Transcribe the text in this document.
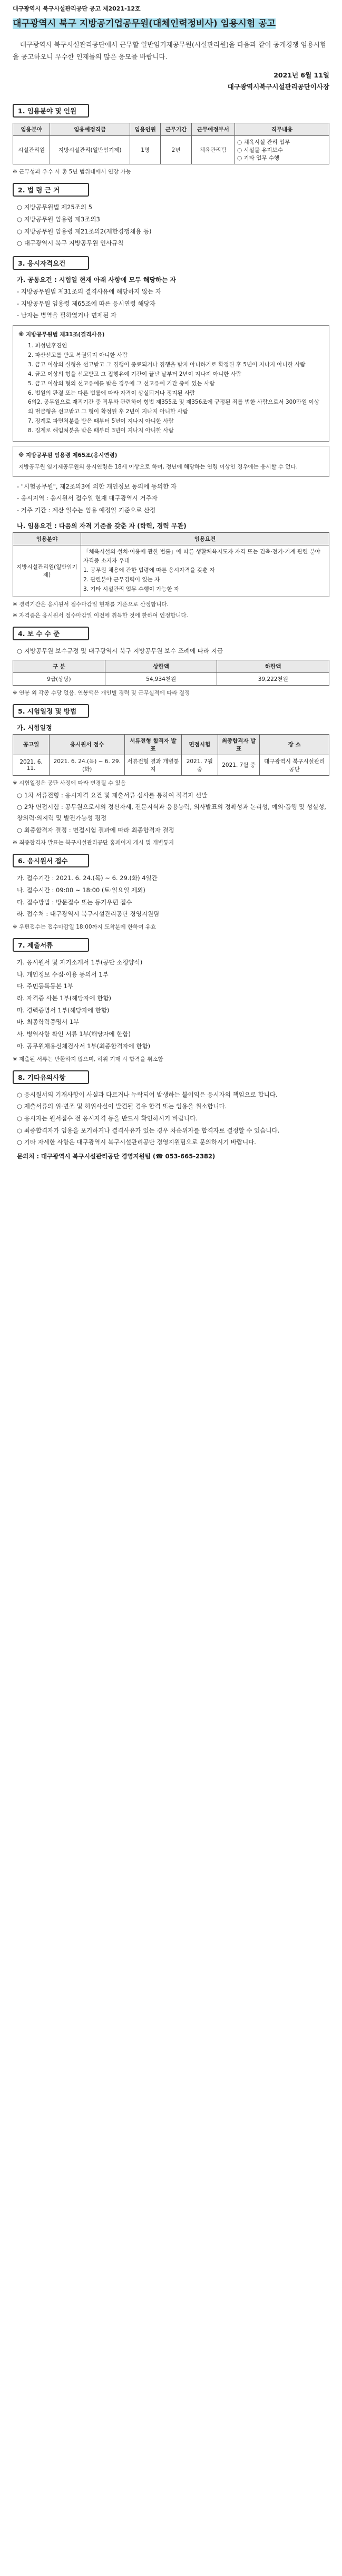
대구광역시 북구시설관리공단 공고 제2021-12호
대구광역시 북구 지방공기업공무원(대체인력정비사) 임용시험 공고

대구광역시 북구시설관리공단에서 근무할 일반임기제공무원(시설관리원)을 다음과 같이 공개경쟁 임용시험을 공고하오니 우수한 인재들의 많은 응모를 바랍니다.

2021년 6월 11일
대구광역시북구시설관리공단이사장
1. 임용분야 및 인원
임용분야	임용예정직급	임용인원	근무기간	근무예정부서	직무내용
시설관리원	지방시설관리(일반임기제)	1명	2년	체육관리팀	○ 체육시설 관리 업무
○ 시설물 유지보수
○ 기타 업무 수행
※ 근무성과 우수 시 총 5년 범위내에서 연장 가능
2. 법 령 근 거
○ 지방공무원법 제25조의 5
○ 지방공무원 임용령 제3조의3
○ 지방공무원 임용령 제21조의2(제한경쟁채용 등)
○ 대구광역시 북구 지방공무원 인사규칙
3. 응시자격요건
가. 공통요건 : 시험일 현재 아래 사항에 모두 해당하는 자
- 지방공무원법 제31조의 결격사유에 해당하지 않는 자
- 지방공무원 임용령 제65조에 따른 응시연령 해당자
- 남자는 병역을 필하였거나 면제된 자
※ 지방공무원법 제31조(결격사유)
1. 피성년후견인
2. 파산선고를 받고 복권되지 아니한 사람
3. 금고 이상의 실형을 선고받고 그 집행이 종료되거나 집행을 받지 아니하기로 확정된 후 5년이 지나지 아니한 사람
4. 금고 이상의 형을 선고받고 그 집행유예 기간이 끝난 날부터 2년이 지나지 아니한 사람
5. 금고 이상의 형의 선고유예를 받은 경우에 그 선고유예 기간 중에 있는 사람
6. 법원의 판결 또는 다른 법률에 따라 자격이 상실되거나 정지된 사람
6의2. 공무원으로 재직기간 중 직무와 관련하여 형법 제355조 및 제356조에 규정된 죄를 범한 사람으로서 300만원 이상의 벌금형을 선고받고 그 형이 확정된 후 2년이 지나지 아니한 사람
7. 징계로 파면처분을 받은 때부터 5년이 지나지 아니한 사람
8. 징계로 해임처분을 받은 때부터 3년이 지나지 아니한 사람
※ 지방공무원 임용령 제65조(응시연령)
지방공무원 임기제공무원의 응시연령은 18세 이상으로 하며, 정년에 해당하는 연령 이상인 경우에는 응시할 수 없다.
- "시험공무원", 제2조의3에 의한 개인정보 동의에 동의한 자
- 응시지역 : 응시원서 접수일 현재 대구광역시 거주자
- 거주 기간 : 계산 일수는 임용 예정일 기준으로 산정
나. 임용요건 : 다음의 자격 기준을 갖춘 자 (학력, 경력 무관)
임용분야	임용요건
지방시설관리원(일반임기제)	「체육시설의 설치·이용에 관한 법률」에 따른 생활체육지도자 자격 또는 건축·전기·기계 관련 분야 자격증 소지자 우대
1. 공무원 채용에 관한 법령에 따른 응시자격을 갖춘 자
2. 관련분야 근무경력이 있는 자
3. 기타 시설관리 업무 수행이 가능한 자
※ 경력기간은 응시원서 접수마감일 현재를 기준으로 산정합니다.
※ 자격증은 응시원서 접수마감일 이전에 취득한 것에 한하여 인정합니다.
4. 보 수 수 준
○ 지방공무원 보수규정 및 대구광역시 북구 지방공무원 보수 조례에 따라 지급
구 분	상한액	하한액
9급(상당)	54,934천원	39,222천원
※ 연봉 외 각종 수당 없음. 연봉액은 개인별 경력 및 근무실적에 따라 결정
5. 시험일정 및 방법
가. 시험일정
공고일	응시원서 접수	서류전형 합격자 발표	면접시험	최종합격자 발표	장 소
2021. 6. 11.	2021. 6. 24.(목) ~ 6. 29.(화)	서류전형 결과 개별통지	2021. 7월 중	2021. 7월 중	대구광역시 북구시설관리공단
※ 시험일정은 공단 사정에 따라 변경될 수 있음
○ 1차 서류전형 : 응시자격 요건 및 제출서류 심사를 통하여 적격자 선발
○ 2차 면접시험 : 공무원으로서의 정신자세, 전문지식과 응용능력, 의사발표의 정확성과 논리성, 예의·품행 및 성실성, 창의력·의지력 및 발전가능성 평정
○ 최종합격자 결정 : 면접시험 결과에 따라 최종합격자 결정
※ 최종합격자 발표는 북구시설관리공단 홈페이지 게시 및 개별통지
6. 응시원서 접수
가. 접수기간 : 2021. 6. 24.(목) ~ 6. 29.(화) 4일간
나. 접수시간 : 09:00 ~ 18:00 (토·일요일 제외)
다. 접수방법 : 방문접수 또는 등기우편 접수
라. 접수처 : 대구광역시 북구시설관리공단 경영지원팀
※ 우편접수는 접수마감일 18:00까지 도착분에 한하여 유효
7. 제출서류
가. 응시원서 및 자기소개서 1부(공단 소정양식)
나. 개인정보 수집·이용 동의서 1부
다. 주민등록등본 1부
라. 자격증 사본 1부(해당자에 한함)
마. 경력증명서 1부(해당자에 한함)
바. 최종학력증명서 1부
사. 병역사항 확인 서류 1부(해당자에 한함)
아. 공무원채용신체검사서 1부(최종합격자에 한함)
※ 제출된 서류는 반환하지 않으며, 허위 기재 시 합격을 취소함
8. 기타유의사항
○ 응시원서의 기재사항이 사실과 다르거나 누락되어 발생하는 불이익은 응시자의 책임으로 합니다.
○ 제출서류의 위·변조 및 허위사실이 발견될 경우 합격 또는 임용을 취소합니다.
○ 응시자는 원서접수 전 응시자격 등을 반드시 확인하시기 바랍니다.
○ 최종합격자가 임용을 포기하거나 결격사유가 있는 경우 차순위자를 합격자로 결정할 수 있습니다.
○ 기타 자세한 사항은 대구광역시 북구시설관리공단 경영지원팀으로 문의하시기 바랍니다.
문의처 : 대구광역시 북구시설관리공단 경영지원팀 (☎ 053-665-2382)
